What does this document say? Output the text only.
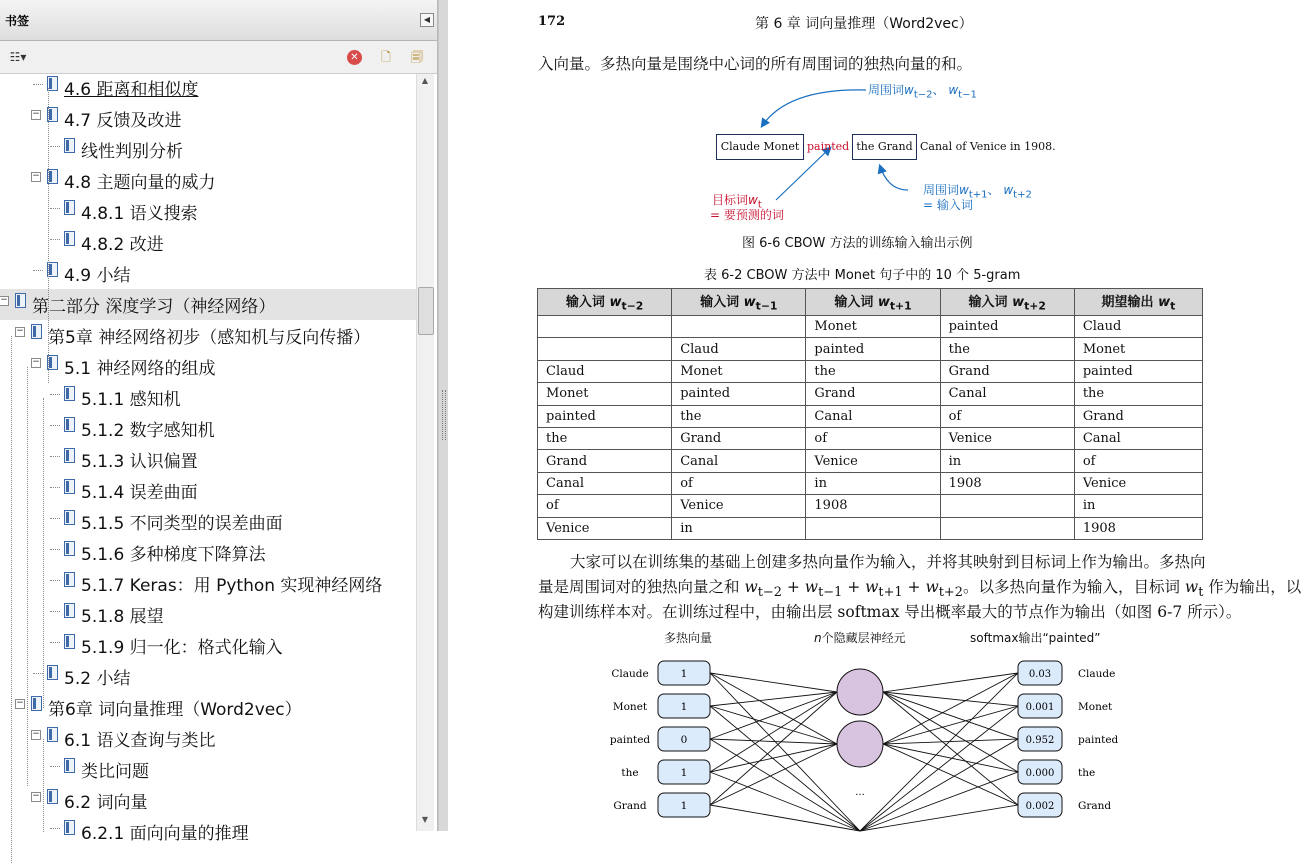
书签	◀
☷▾	✕	🗋	🗐
4.6 距离和相似度
− 4.7 反馈及改进
线性判别分析
− 4.8 主题向量的威力
4.8.1 语义搜索
4.8.2 改进
4.9 小结
− 第二部分 深度学习（神经网络）
− 第5章 神经网络初步（感知机与反向传播）
− 5.1 神经网络的组成
5.1.1 感知机
5.1.2 数字感知机
5.1.3 认识偏置
5.1.4 误差曲面
5.1.5 不同类型的误差曲面
5.1.6 多种梯度下降算法
5.1.7 Keras：用 Python 实现神经网络
5.1.8 展望
5.1.9 归一化：格式化输入
5.2 小结
− 第6章 词向量推理（Word2vec）
− 6.1 语义查询与类比
类比问题
− 6.2 词向量
6.2.1 面向向量的推理
▲
▼
172	第 6 章 词向量推理（Word2vec）
入向量。多热向量是围绕中心词的所有周围词的独热向量的和。
周围词$w_{t-2}$、 $w_{t-1}$
Claude Monet painted the Grand Canal of Venice in 1908.
目标词$w_t$
= 要预测的词
周围词$w_{t+1}$、 $w_{t+2}$
= 输入词
图 6-6 CBOW 方法的训练输入输出示例
表 6-2 CBOW 方法中 Monet 句子中的 10 个 5-gram
输入词 $w_{t-2}$	输入词 $w_{t-1}$	输入词 $w_{t+1}$	输入词 $w_{t+2}$	期望输出 $w_t$
		Monet	painted	Claud
	Claud	painted	the	Monet
Claud	Monet	the	Grand	painted
Monet	painted	Grand	Canal	the
painted	the	Canal	of	Grand
the	Grand	of	Venice	Canal
Grand	Canal	Venice	in	of
Canal	of	in	1908	Venice
of	Venice	1908		in
Venice	in			1908
大家可以在训练集的基础上创建多热向量作为输入，并将其映射到目标词上作为输出。多热向
量是周围词对的独热向量之和 $w_{t-2} + w_{t-1} + w_{t+1} + w_{t+2}$。以多热向量作为输入，目标词 $w_t$ 作为输出，以
构建训练样本对。在训练过程中，由输出层 softmax 导出概率最大的节点作为输出（如图 6-7 所示）。
多热向量	n个隐藏层神经元	softmax输出“painted”
Claude	1
Monet	1
painted	0
the	1
Grand	1
...
0.03	Claude
0.001 Monet
0.952 painted
0.000 the
0.002 Grand
